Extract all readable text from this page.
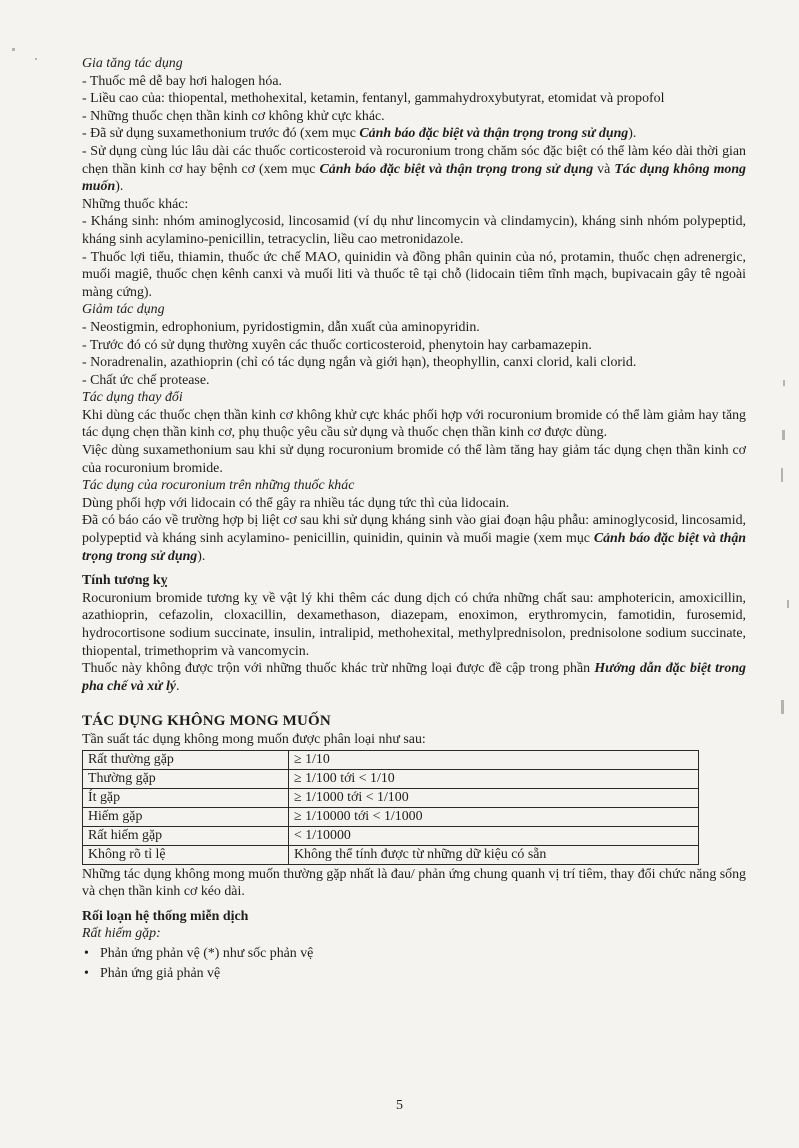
Gia tăng tác dụng

- Thuốc mê dễ bay hơi halogen hóa.

- Liều cao của: thiopental, methohexital, ketamin, fentanyl, gammahydroxybutyrat, etomidat và propofol

- Những thuốc chẹn thần kinh cơ không khử cực khác.

- Đã sử dụng suxamethonium trước đó (xem mục Cảnh báo đặc biệt và thận trọng trong sử dụng).

- Sử dụng cùng lúc lâu dài các thuốc corticosteroid và rocuronium trong chăm sóc đặc biệt có thể làm kéo dài thời gian chẹn thần kinh cơ hay bệnh cơ (xem mục Cảnh báo đặc biệt và thận trọng trong sử dụng và Tác dụng không mong muốn).

Những thuốc khác:

- Kháng sinh: nhóm aminoglycosid, lincosamid (ví dụ như lincomycin và clindamycin), kháng sinh nhóm polypeptid, kháng sinh acylamino-penicillin, tetracyclin, liều cao metronidazole.

- Thuốc lợi tiểu, thiamin, thuốc ức chế MAO, quinidin và đồng phân quinin của nó, protamin, thuốc chẹn adrenergic, muối magiê, thuốc chẹn kênh canxi và muối liti và thuốc tê tại chỗ (lidocain tiêm tĩnh mạch, bupivacain gây tê ngoài màng cứng).

Giảm tác dụng

- Neostigmin, edrophonium, pyridostigmin, dẫn xuất của aminopyridin.

- Trước đó có sử dụng thường xuyên các thuốc corticosteroid, phenytoin hay carbamazepin.

- Noradrenalin, azathioprin (chỉ có tác dụng ngắn và giới hạn), theophyllin, canxi clorid, kali clorid.

- Chất ức chế protease.

Tác dụng thay đổi

Khi dùng các thuốc chẹn thần kinh cơ không khử cực khác phối hợp với rocuronium bromide có thể làm giảm hay tăng tác dụng chẹn thần kinh cơ, phụ thuộc yêu cầu sử dụng và thuốc chẹn thần kinh cơ được dùng.

Việc dùng suxamethonium sau khi sử dụng rocuronium bromide có thể làm tăng hay giảm tác dụng chẹn thần kinh cơ của rocuronium bromide.

Tác dụng của rocuronium trên những thuốc khác

Dùng phối hợp với lidocain có thể gây ra nhiều tác dụng tức thì của lidocain.

Đã có báo cáo về trường hợp bị liệt cơ sau khi sử dụng kháng sinh vào giai đoạn hậu phẫu: aminoglycosid, lincosamid, polypeptid và kháng sinh acylamino- penicillin, quinidin, quinin và muối magie (xem mục Cảnh báo đặc biệt và thận trọng trong sử dụng).

Tính tương kỵ

Rocuronium bromide tương kỵ về vật lý khi thêm các dung dịch có chứa những chất sau: amphotericin, amoxicillin, azathioprin, cefazolin, cloxacillin, dexamethason, diazepam, enoximon, erythromycin, famotidin, furosemid, hydrocortisone sodium succinate, insulin, intralipid, methohexital, methylprednisolon, prednisolone sodium succinate, thiopental, trimethoprim và vancomycin.

Thuốc này không được trộn với những thuốc khác trừ những loại được đề cập trong phần Hướng dẫn đặc biệt trong pha chế và xử lý.

TÁC DỤNG KHÔNG MONG MUỐN

Tần suất tác dụng không mong muốn được phân loại như sau:

Rất thường gặp	≥ 1/10
Thường gặp	≥ 1/100 tới < 1/10
Ít gặp	≥ 1/1000 tới < 1/100
Hiếm gặp	≥ 1/10000 tới < 1/1000
Rất hiếm gặp	< 1/10000
Không rõ tỉ lệ	Không thể tính được từ những dữ kiệu có sẵn

Những tác dụng không mong muốn thường gặp nhất là đau/ phản ứng chung quanh vị trí tiêm, thay đổi chức năng sống và chẹn thần kinh cơ kéo dài.

Rối loạn hệ thống miễn dịch

Rất hiếm gặp:

• Phản ứng phản vệ (*) như sốc phản vệ

• Phản ứng giả phản vệ

5
